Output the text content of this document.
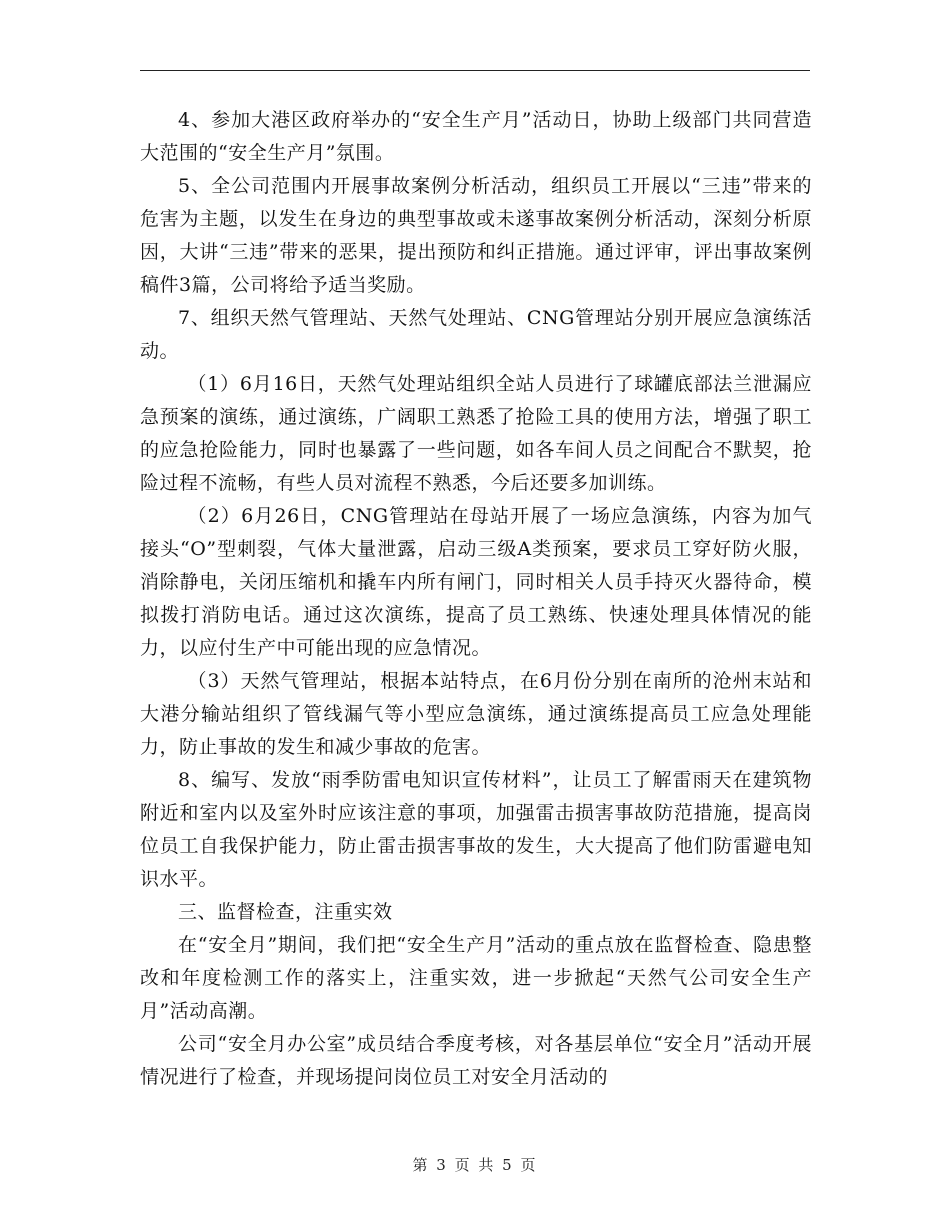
4、参加大港区政府举办的“安全生产月”活动日，协助上级部门共同营造大范围的“安全生产月”氛围。

5、全公司范围内开展事故案例分析活动，组织员工开展以“三违”带来的危害为主题，以发生在身边的典型事故或未遂事故案例分析活动，深刻分析原因，大讲“三违”带来的恶果，提出预防和纠正措施。通过评审，评出事故案例稿件3篇，公司将给予适当奖励。

7、组织天然气管理站、天然气处理站、CNG管理站分别开展应急演练活动。

（1）6月16日，天然气处理站组织全站人员进行了球罐底部法兰泄漏应急预案的演练，通过演练，广阔职工熟悉了抢险工具的使用方法，增强了职工的应急抢险能力，同时也暴露了一些问题，如各车间人员之间配合不默契，抢险过程不流畅，有些人员对流程不熟悉，今后还要多加训练。

（2）6月26日，CNG管理站在母站开展了一场应急演练，内容为加气接头“O”型刺裂，气体大量泄露，启动三级A类预案，要求员工穿好防火服，消除静电，关闭压缩机和撬车内所有闸门，同时相关人员手持灭火器待命，模拟拨打消防电话。通过这次演练，提高了员工熟练、快速处理具体情况的能力，以应付生产中可能出现的应急情况。

（3）天然气管理站，根据本站特点，在6月份分别在南所的沧州末站和大港分输站组织了管线漏气等小型应急演练，通过演练提高员工应急处理能力，防止事故的发生和减少事故的危害。

8、编写、发放“雨季防雷电知识宣传材料”，让员工了解雷雨天在建筑物附近和室内以及室外时应该注意的事项，加强雷击损害事故防范措施，提高岗位员工自我保护能力，防止雷击损害事故的发生，大大提高了他们防雷避电知识水平。

三、监督检查，注重实效

在“安全月”期间，我们把“安全生产月”活动的重点放在监督检查、隐患整改和年度检测工作的落实上，注重实效，进一步掀起“天然气公司安全生产月”活动高潮。

公司“安全月办公室”成员结合季度考核，对各基层单位“安全月”活动开展情况进行了检查，并现场提问岗位员工对安全月活动的

第 3 页 共 5 页
